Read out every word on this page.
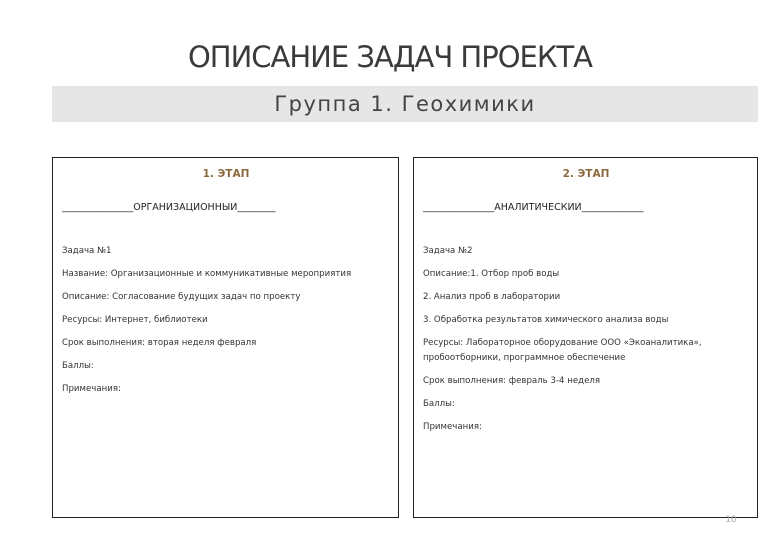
ОПИСАНИЕ ЗАДАЧ ПРОЕКТА
Группа 1. Геохимики
1. ЭТАП
_______________ОРГАНИЗАЦИОННЫЙ________
Задача №1
Название: Организационные и коммуникативные мероприятия
Описание: Согласование будущих задач по проекту
Ресурсы: Интернет, библиотеки
Срок выполнения: вторая неделя февраля
Баллы:
Примечания:
2. ЭТАП
_______________АНАЛИТИЧЕСКИЙ_____________
Задача №2
Описание:1. Отбор проб воды
2. Анализ проб в лаборатории
3. Обработка результатов химического анализа воды
Ресурсы: Лабораторное оборудование ООО «Экоаналитика», пробоотборники, программное обеспечение
Срок выполнения: февраль 3-4 неделя
Баллы:
Примечания:
10
